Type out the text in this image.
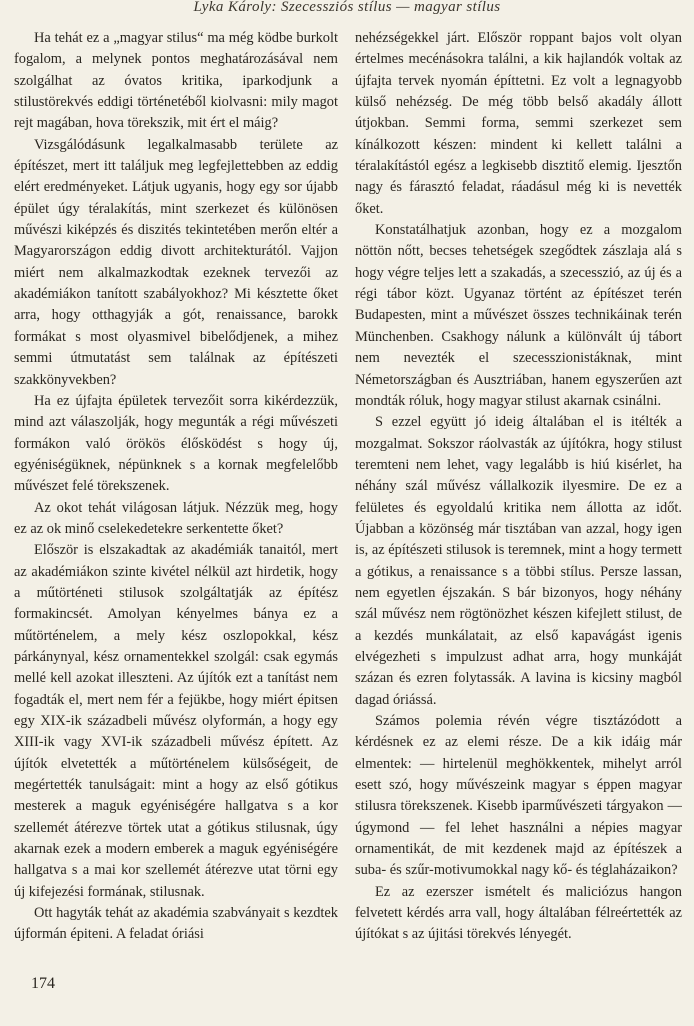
Lyka Károly: Szecessziós stílus — magyar stílus

Ha tehát ez a „magyar stilus“ ma még ködbe burkolt fogalom, a melynek pontos meghatározásával nem szolgálhat az óvatos kritika, iparkodjunk a stilustörekvés eddigi történetéből kiolvasni: mily magot rejt magában, hova törekszik, mit ért el máig?

Vizsgálódásunk legalkalmasabb területe az építészet, mert itt találjuk meg legfejlettebben az eddig elért eredményeket. Látjuk ugyanis, hogy egy sor újabb épület úgy téralakítás, mint szerkezet és különösen művészi kiképzés és diszités tekintetében merőn eltér a Magyarországon eddig divott architekturától. Vajjon miért nem alkalmazkodtak ezeknek tervezői az akadémiákon tanított szabályokhoz? Mi késztette őket arra, hogy otthagyják a gót, renaissance, barokk formákat s most olyasmivel bibelődjenek, a mihez semmi útmutatást sem találnak az építészeti szakkönyvekben?

Ha ez újfajta épületek tervezőit sorra kikérdezzük, mind azt válaszolják, hogy megunták a régi művészeti formákon való örökös élősködést s hogy új, egyéniségüknek, népünknek s a kornak megfelelőbb művészet felé törekszenek.

Az okot tehát világosan látjuk. Nézzük meg, hogy ez az ok minő cselekedetekre serkentette őket?

Először is elszakadtak az akadémiák tanaitól, mert az akadémiákon szinte kivétel nélkül azt hirdetik, hogy a műtörténeti stilusok szolgáltatják az építész formakincsét. Amolyan kényelmes bánya ez a műtörténelem, a mely kész oszlopokkal, kész párkánynyal, kész ornamentekkel szolgál: csak egymás mellé kell azokat illeszteni. Az újítók ezt a tanítást nem fogadták el, mert nem fér a fejükbe, hogy miért épitsen egy XIX-ik századbeli művész olyformán, a hogy egy XIII-ik vagy XVI-ik századbeli művész épített. Az újítók elvetették a műtörténelem külsőségeit, de megértették tanulságait: mint a hogy az első gótikus mesterek a maguk egyéniségére hallgatva s a kor szellemét átérezve törtek utat a gótikus stilusnak, úgy akarnak ezek a modern emberek a maguk egyéniségére hallgatva s a mai kor szellemét átérezve utat törni egy új kifejezési formának, stilusnak.

Ott hagyták tehát az akadémia szabványait s kezdtek újformán épiteni. A feladat óriási

nehézségekkel járt. Először roppant bajos volt olyan értelmes mecénásokra találni, a kik hajlandók voltak az újfajta tervek nyomán építtetni. Ez volt a legnagyobb külső nehézség. De még több belső akadály állott útjokban. Semmi forma, semmi szerkezet sem kínálkozott készen: mindent ki kellett találni a téralakítástól egész a legkisebb disztitő elemig. Ijesztőn nagy és fárasztó feladat, ráadásul még ki is nevették őket.

Konstatálhatjuk azonban, hogy ez a mozgalom nöttön nőtt, becses tehetségek szegődtek zászlaja alá s hogy végre teljes lett a szakadás, a szecesszió, az új és a régi tábor közt. Ugyanaz történt az építészet terén Budapesten, mint a művészet összes technikáinak terén Münchenben. Csakhogy nálunk a különvált új tábort nem nevezték el szecesszionistáknak, mint Németországban és Ausztriában, hanem egyszerűen azt mondták róluk, hogy magyar stilust akarnak csinálni.

S ezzel együtt jó ideig általában el is itélték a mozgalmat. Sokszor ráolvasták az újítókra, hogy stilust teremteni nem lehet, vagy legalább is hiú kisérlet, ha néhány szál művész vállalkozik ilyesmire. De ez a felületes és egyoldalú kritika nem állotta az időt. Újabban a közönség már tisztában van azzal, hogy igen is, az építészeti stilusok is teremnek, mint a hogy termett a gótikus, a renaissance s a többi stílus. Persze lassan, nem egyetlen éjszakán. S bár bizonyos, hogy néhány szál művész nem rögtönözhet készen kifejlett stilust, de a kezdés munkálatait, az első kapavágást igenis elvégezheti s impulzust adhat arra, hogy munkáját százan és ezren folytassák. A lavina is kicsiny magból dagad óriássá.

Számos polemia révén végre tisztázódott a kérdésnek ez az elemi része. De a kik idáig már elmentek: — hirtelenül meghökkentek, mihelyt arról esett szó, hogy művészeink magyar s éppen magyar stilusra törekszenek. Kisebb iparművészeti tárgyakon — úgymond — fel lehet használni a népies magyar ornamentikát, de mit kezdenek majd az építészek a suba- és szűr-motivumokkal nagy kő- és téglaházaikon?

Ez az ezerszer ismételt és maliciózus hangon felvetett kérdés arra vall, hogy általában félreértették az újítókat s az újitási törekvés lényegét.

174
